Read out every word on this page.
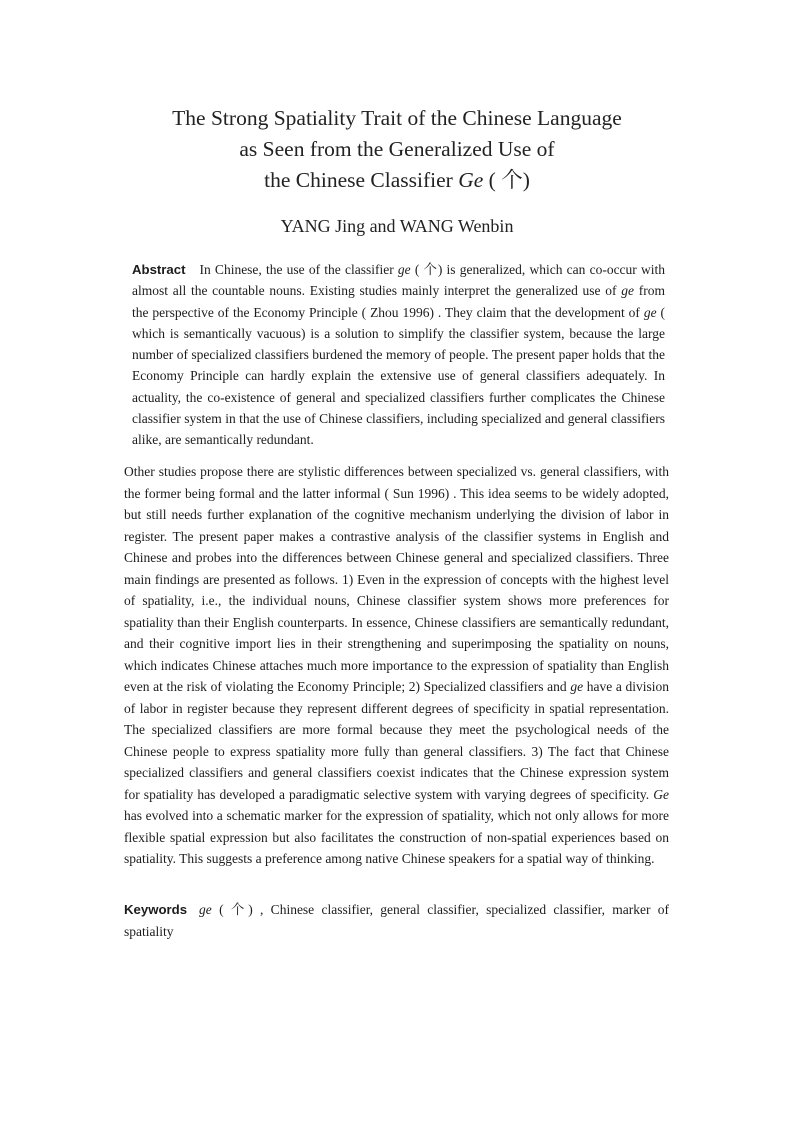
The Strong Spatiality Trait of the Chinese Language
as Seen from the Generalized Use of
the Chinese Classifier Ge ( 个)
YANG Jing and WANG Wenbin
Abstract In Chinese, the use of the classifier ge ( 个) is generalized, which can co-occur with almost all the countable nouns. Existing studies mainly interpret the generalized use of ge from the perspective of the Economy Principle ( Zhou 1996) . They claim that the development of ge ( which is semantically vacuous) is a solution to simplify the classifier system, because the large number of specialized classifiers burdened the memory of people. The present paper holds that the Economy Principle can hardly explain the extensive use of general classifiers adequately. In actuality, the co-existence of general and specialized classifiers further complicates the Chinese classifier system in that the use of Chinese classifiers, including specialized and general classifiers alike, are semantically redundant.
Other studies propose there are stylistic differences between specialized vs. general classifiers, with the former being formal and the latter informal ( Sun 1996) . This idea seems to be widely adopted, but still needs further explanation of the cognitive mechanism underlying the division of labor in register. The present paper makes a contrastive analysis of the classifier systems in English and Chinese and probes into the differences between Chinese general and specialized classifiers. Three main findings are presented as follows. 1) Even in the expression of concepts with the highest level of spatiality, i.e., the individual nouns, Chinese classifier system shows more preferences for spatiality than their English counterparts. In essence, Chinese classifiers are semantically redundant, and their cognitive import lies in their strengthening and superimposing the spatiality on nouns, which indicates Chinese attaches much more importance to the expression of spatiality than English even at the risk of violating the Economy Principle; 2) Specialized classifiers and ge have a division of labor in register because they represent different degrees of specificity in spatial representation. The specialized classifiers are more formal because they meet the psychological needs of the Chinese people to express spatiality more fully than general classifiers. 3) The fact that Chinese specialized classifiers and general classifiers coexist indicates that the Chinese expression system for spatiality has developed a paradigmatic selective system with varying degrees of specificity. Ge has evolved into a schematic marker for the expression of spatiality, which not only allows for more flexible spatial expression but also facilitates the construction of non-spatial experiences based on spatiality. This suggests a preference among native Chinese speakers for a spatial way of thinking.
Keywords ge ( 个) , Chinese classifier, general classifier, specialized classifier, marker of spatiality
